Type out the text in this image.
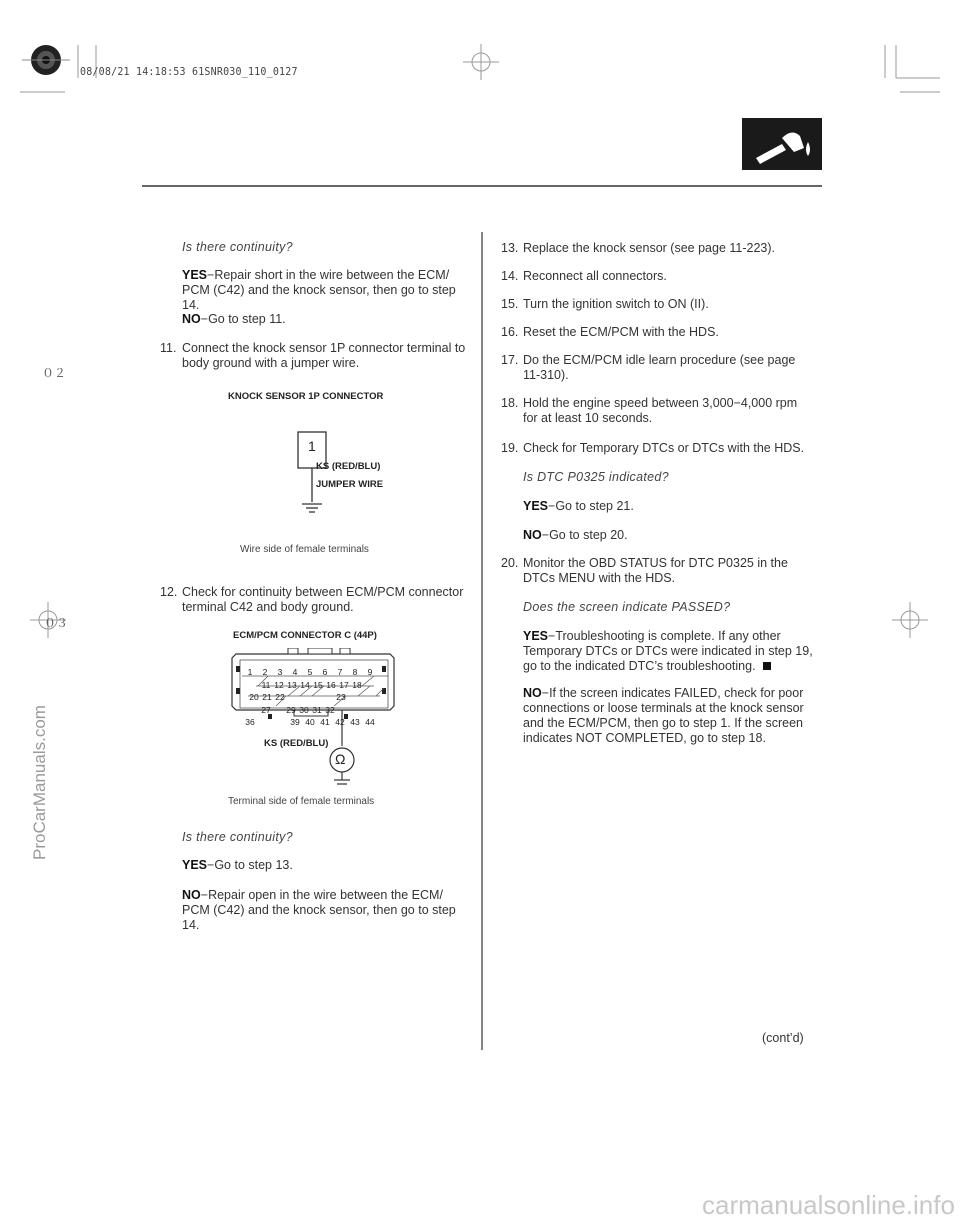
08/08/21 14:18:53 61SNR030_110_0127
０２
０３
ProCarManuals.com
carmanualsonline.info
Is there continuity?
YES−Repair short in the wire between the ECM/
PCM (C42) and the knock sensor, then go to step 14.
NO−Go to step 11.
11. Connect the knock sensor 1P connector terminal to
body ground with a jumper wire.
KNOCK SENSOR 1P CONNECTOR
1
KS (RED/BLU)
JUMPER WIRE
Wire side of female terminals
12. Check for continuity between ECM/PCM connector
terminal C42 and body ground.
ECM/PCM CONNECTOR C (44P)
Ω
1	2	3	4	5	6	7	8	9
11 12 13 14 15 16 17 18
20 21 22	23
27 29 30 31 32
36	39 40 41 42 43 44
KS (RED/BLU)
Terminal side of female terminals
Is there continuity?
YES−Go to step 13.
NO−Repair open in the wire between the ECM/
PCM (C42) and the knock sensor, then go to step 14.
13. Replace the knock sensor (see page 11-223).
14. Reconnect all connectors.
15. Turn the ignition switch to ON (II).
16. Reset the ECM/PCM with the HDS.
17. Do the ECM/PCM idle learn procedure (see page
11-310).
18. Hold the engine speed between 3,000−4,000 rpm
for at least 10 seconds.
19. Check for Temporary DTCs or DTCs with the HDS.
Is DTC P0325 indicated?
YES−Go to step 21.
NO−Go to step 20.
20. Monitor the OBD STATUS for DTC P0325 in the
DTCs MENU with the HDS.
Does the screen indicate PASSED?
YES−Troubleshooting is complete. If any other
Temporary DTCs or DTCs were indicated in step 19,
go to the indicated DTC’s troubleshooting.
NO−If the screen indicates FAILED, check for poor
connections or loose terminals at the knock sensor
and the ECM/PCM, then go to step 1. If the screen
indicates NOT COMPLETED, go to step 18.
(cont’d)
